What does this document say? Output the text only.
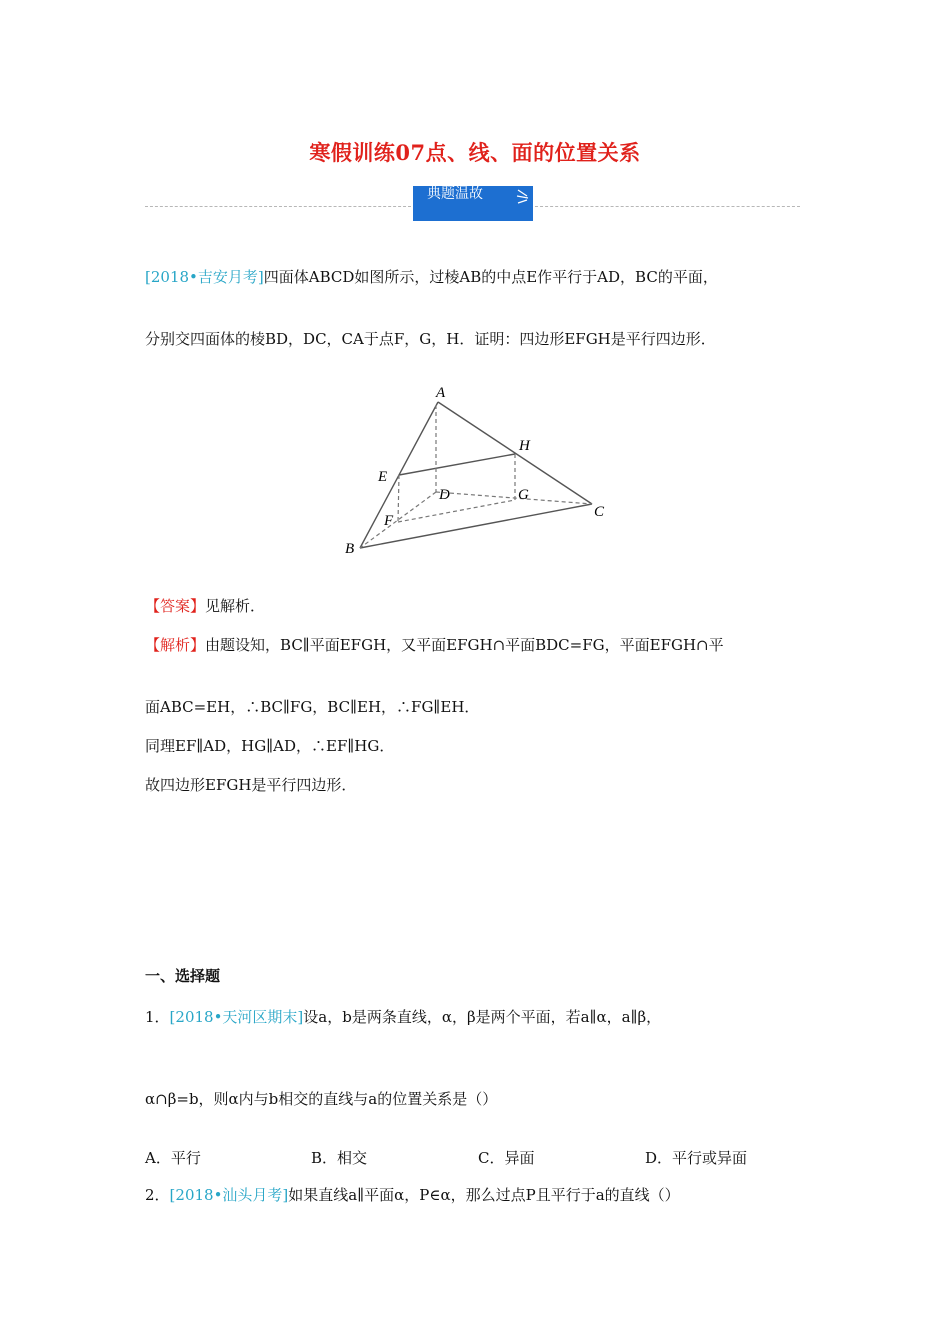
寒假训练07点、线、面的位置关系
典题温故
[2018•吉安月考]四面体ABCD如图所示，过棱AB的中点E作平行于AD，BC的平面，
分别交四面体的棱BD，DC，CA于点F，G，H．证明：四边形EFGH是平行四边形．
A
B
C
D
E
F
G
H
【答案】见解析．
【解析】由题设知，BC∥平面EFGH，又平面EFGH∩平面BDC=FG，平面EFGH∩平
面ABC=EH，∴BC∥FG，BC∥EH，∴FG∥EH．
同理EF∥AD，HG∥AD，∴EF∥HG．
故四边形EFGH是平行四边形．
一、选择题
1．[2018•天河区期末]设a，b是两条直线，α，β是两个平面，若a∥α，a∥β，
α∩β=b，则α内与b相交的直线与a的位置关系是（）
A．平行	B．相交	C．异面	D．平行或异面
2．[2018•汕头月考]如果直线a∥平面α，P∈α，那么过点P且平行于a的直线（）
